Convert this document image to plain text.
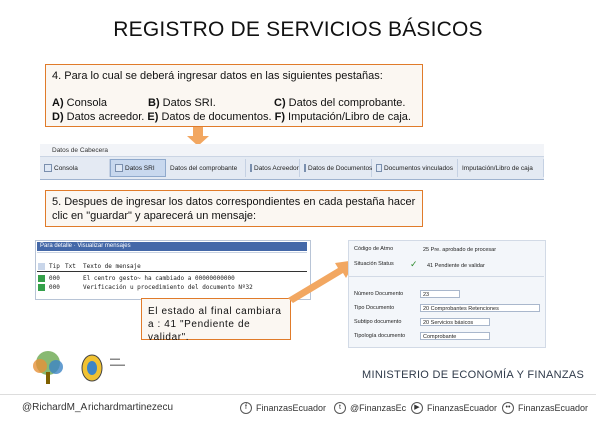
REGISTRO DE SERVICIOS BÁSICOS
4. Para lo cual se deberá ingresar datos en las siguientes pestañas:
A) Consola	B) Datos SRI.	C) Datos del comprobante.
D) Datos acreedor. E) Datos de documentos. F) Imputación/Libro de caja.
Datos de Cabecera
Consola	Datos SRI Datos del comprobante	Datos Acreedor Datos de Documentos Documentos vinculados Imputación/Libro de caja
5. Despues de ingresar los datos correspondientes en cada pestaña hacer clic en "guardar" y aparecerá un mensaje:
Para detalle · Visualizar mensajes
Tip Txt	Texto de mensaje
000	El centro gesto~ ha cambiado a 00000000000
000	Verificación u procedimiento del documento Nº32
El estado al final cambiara a : 41 "Pendiente de validar".
Código de Atmo	25 Pre. aprobado de procesar
Situación Status ✓	41 Pendiente de validar
Número Documento	23
Tipo Documento	20 Comprobantes Retenciones
Subtipo documento	20 Servicios básicos
Tipología documento	Comprobante
▬▬
▬▬▬
MINISTERIO DE ECONOMÍA Y FINANZAS
@RichardM_A richardmartinezecu	f	FinanzasEcuador	t	@FinanzasEc	▶ FinanzasEcuador	•• FinanzasEcuador
